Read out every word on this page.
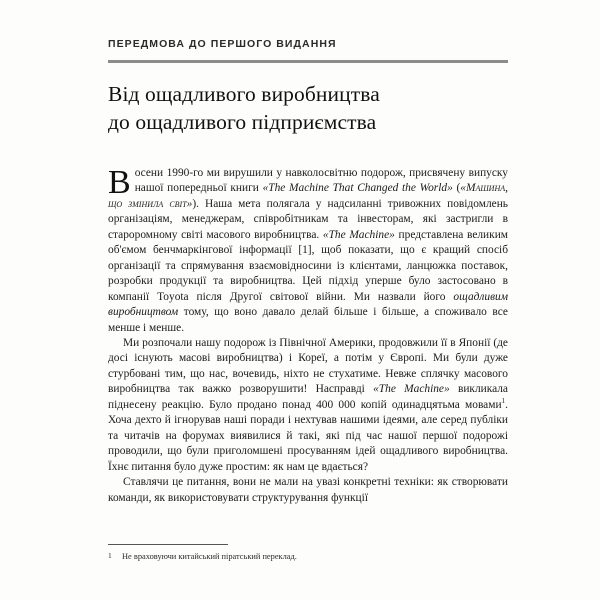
ПЕРЕДМОВА ДО ПЕРШОГО ВИДАННЯ
Від ощадливого виробництва
до ощадливого підприємства

Восени 1990-го ми вирушили у навколосвітню подорож, присвячену випуску нашої попередньої книги «The Machine That Changed the World» («Машина, що змінила світ»). Наша мета полягала у надсиланні тривожних повідомлень організаціям, менеджерам, співробітникам та інвесторам, які застригли в староромному світі масового виробництва. «The Machine» представлена великим об'ємом бенчмаркінгової інформації [1], щоб показати, що є кращий спосіб організації та спрямування взаємовідносини із клієнтами, ланцюжка поставок, розробки продукції та виробництва. Цей підхід уперше було застосовано в компанії Toyota після Другої світової війни. Ми назвали його ощадливим виробництвом тому, що воно давало делай більше і більше, а споживало все менше і менше.

Ми розпочали нашу подорож із Північної Америки, продовжили її в Японії (де досі існують масові виробництва) і Кореї, а потім у Європі. Ми були дуже стурбовані тим, що нас, вочевидь, ніхто не стухатиме. Невже сплячку масового виробництва так важко розворушити! Насправді «The Machine» викликала піднесену реакцію. Було продано понад 400 000 копій одинадцятьма мовами$^1$. Хоча дехто й ігнорував наші поради і нехтував нашими ідеями, але серед публіки та читачів на форумах виявилися й такі, які під час нашої першої подорожі проводили, що були приголомшені просуванням ідей ощадливого виробництва. Їхнє питання було дуже простим: як нам це вдається?

Ставлячи це питання, вони не мали на увазі конкретні техніки: як створювати команди, як використовувати структурування функції

1 Не враховуючи китайський піратський переклад.
